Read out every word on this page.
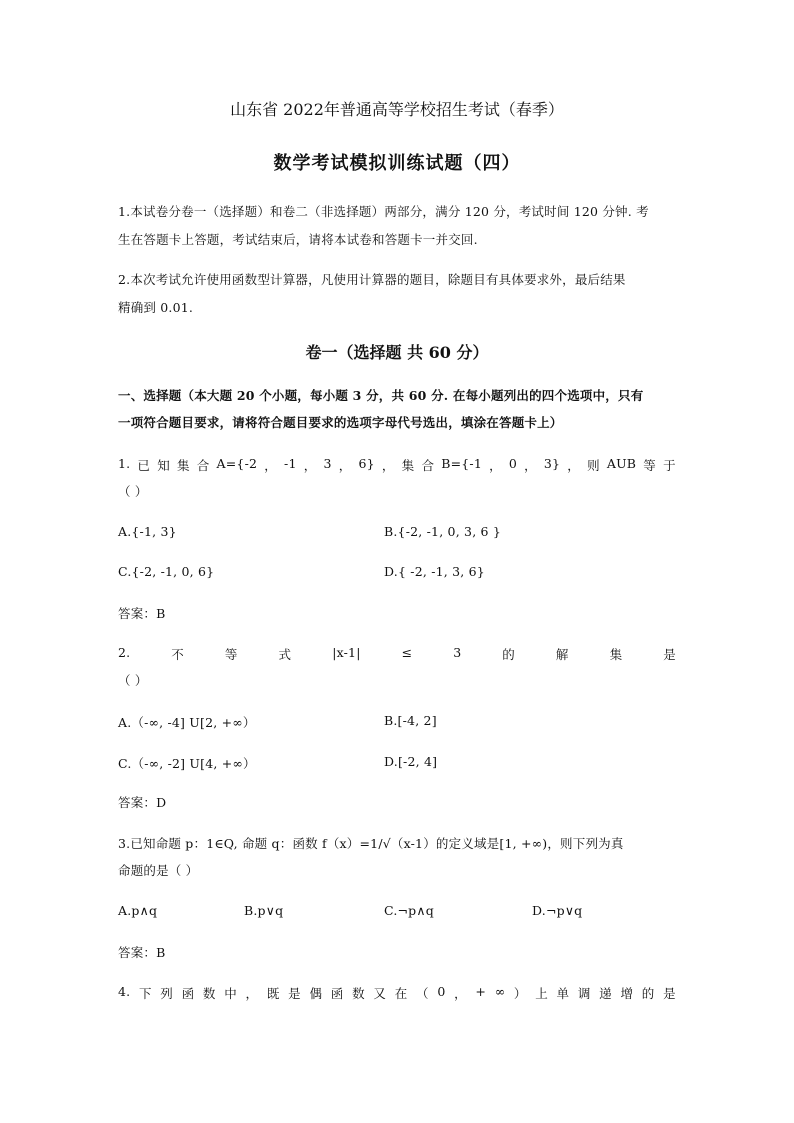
山东省 2022年普通高等学校招生考试（春季）
数学考试模拟训练试题（四）
1.本试卷分卷一（选择题）和卷二（非选择题）两部分，满分 120 分，考试时间 120 分钟. 考
生在答题卡上答题，考试结束后，请将本试卷和答题卡一并交回.
2.本次考试允许使用函数型计算器，凡使用计算器的题目，除题目有具体要求外，最后结果
精确到 0.01.
卷一（选择题 共 60 分）
一、选择题（本大题 20 个小题，每小题 3 分，共 60 分. 在每小题列出的四个选项中，只有
一项符合题目要求，请将符合题目要求的选项字母代号选出，填涂在答题卡上）
1. 已 知 集 合 A={-2 ， -1 ， 3 ， 6} ， 集 合 B={-1 ， 0 ， 3} ， 则 AUB 等 于
（ ）
A.{-1, 3}	B.{-2, -1, 0, 3, 6 }
C.{-2, -1, 0, 6}	D.{ -2, -1, 3, 6}
答案：B
2.	不	等	式	|x-1|	≤	3	的	解	集	是
（ ）
A.（-∞, -4] U[2, +∞）	B.[-4, 2]
C.（-∞, -2] U[4, +∞）	D.[-2, 4]
答案：D
3.已知命题 p：1∈Q, 命题 q：函数 f（x）=1/√（x-1）的定义域是[1, +∞)，则下列为真
命题的是（ ）
A.p∧q	B.p∨q	C.¬p∧q	D.¬p∨q
答案：B
4. 下 列 函 数 中 ， 既 是 偶 函 数 又 在 （ 0 ， + ∞ ） 上 单 调 递 增 的 是
